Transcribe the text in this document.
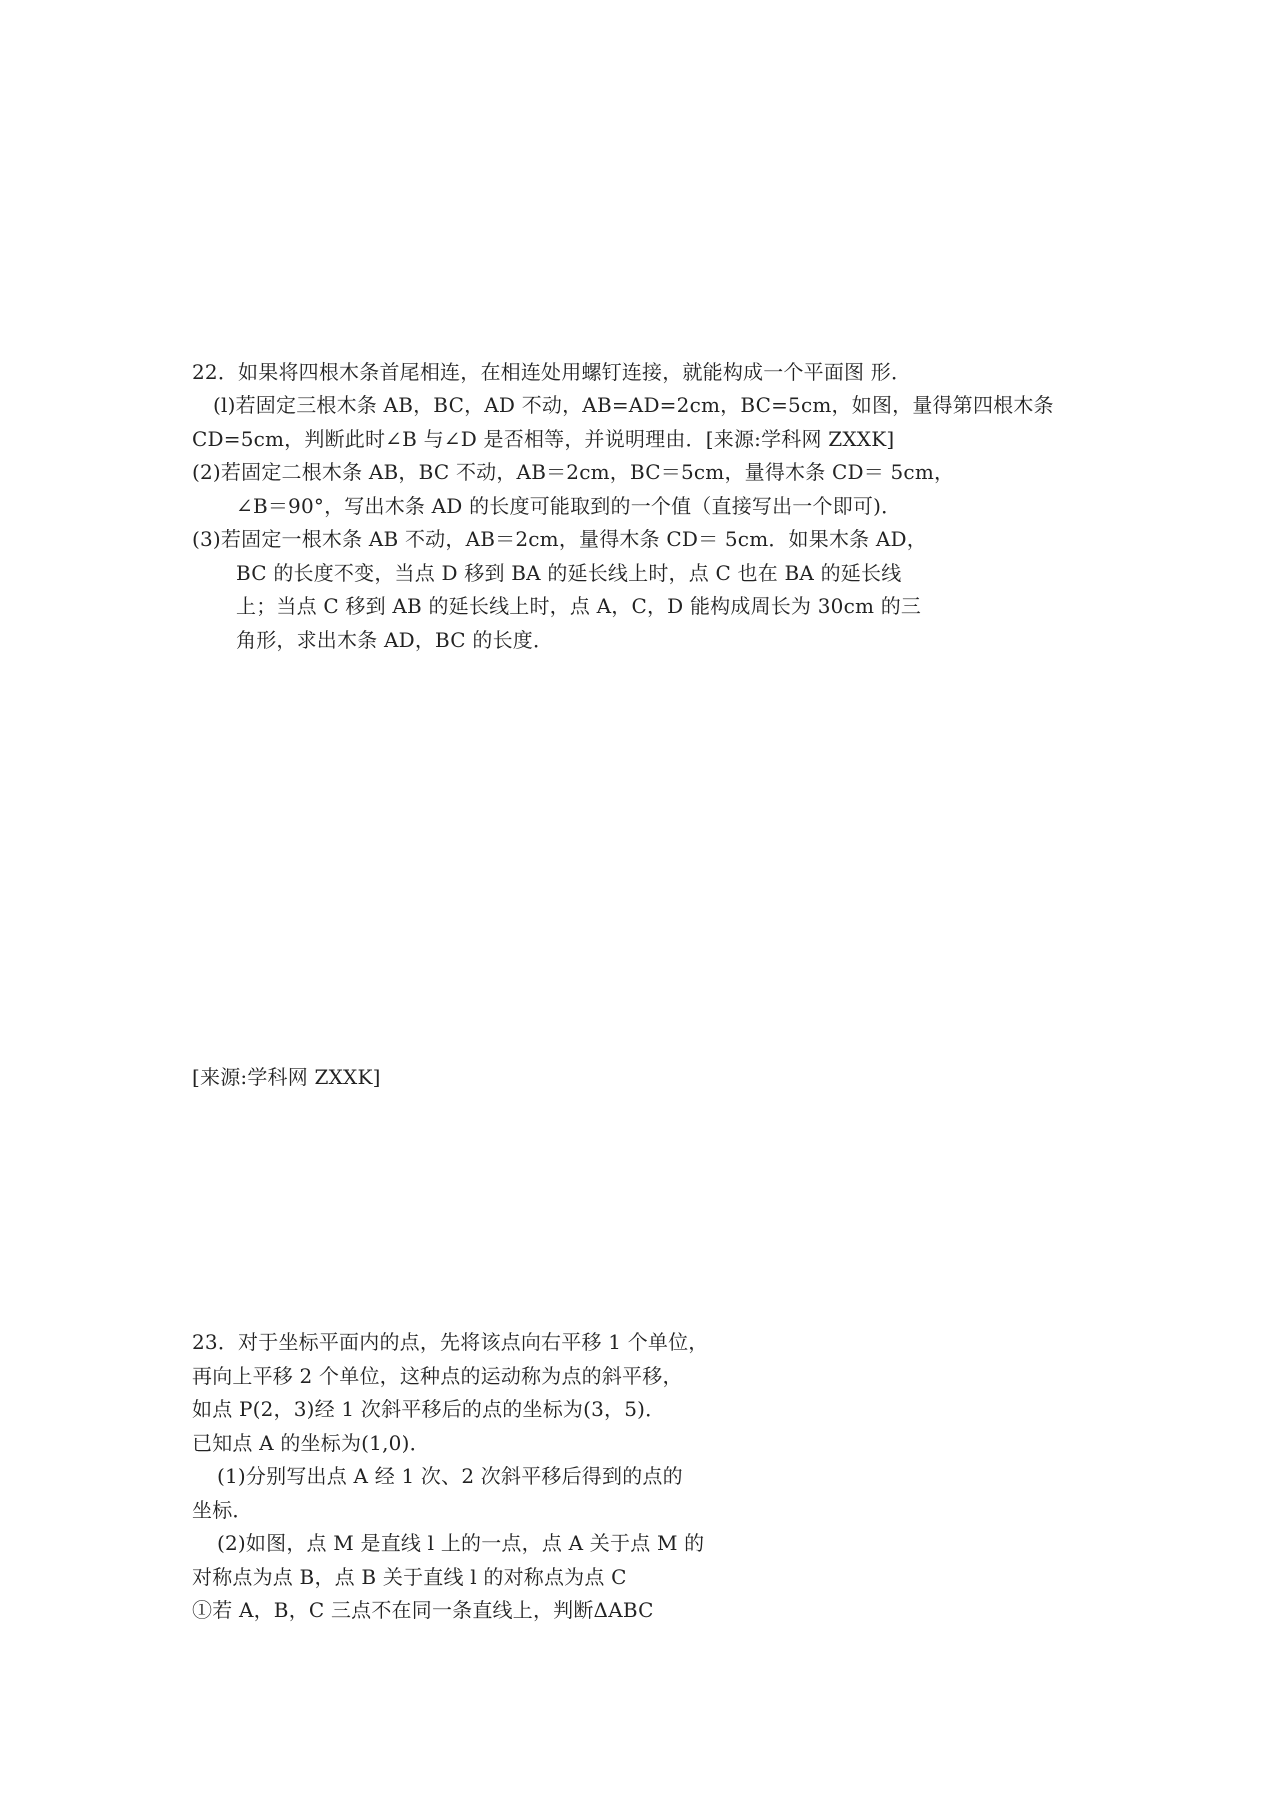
22．如果将四根木条首尾相连，在相连处用螺钉连接，就能构成一个平面图 形．
(l)若固定三根木条 AB，BC，AD 不动，AB=AD=2cm，BC=5cm，如图，量得第四根木条
CD=5cm，判断此时∠B 与∠D 是否相等，并说明理由．[来源:学科网 ZXXK]
(2)若固定二根木条 AB，BC 不动，AB＝2cm，BC＝5cm，量得木条 CD＝ 5cm，
∠B＝90°，写出木条 AD 的长度可能取到的一个值（直接写出一个即可)．
(3)若固定一根木条 AB 不动，AB＝2cm，量得木条 CD＝ 5cm．如果木条 AD，
BC 的长度不变，当点 D 移到 BA 的延长线上时，点 C 也在 BA 的延长线
上；当点 C 移到 AB 的延长线上时，点 A，C，D 能构成周长为 30cm 的三
角形，求出木条 AD，BC 的长度．
[来源:学科网 ZXXK]
23．对于坐标平面内的点，先将该点向右平移 1 个单位，
再向上平移 2 个单位，这种点的运动称为点的斜平移，
如点 P(2，3)经 1 次斜平移后的点的坐标为(3，5)．
已知点 A 的坐标为(1,0)．
(1)分别写出点 A 经 1 次、2 次斜平移后得到的点的
坐标．
(2)如图，点 M 是直线 l 上的一点，点 A 关于点 M 的
对称点为点 B，点 B 关于直线 l 的对称点为点 C
①若 A，B，C 三点不在同一条直线上，判断ΔABC
